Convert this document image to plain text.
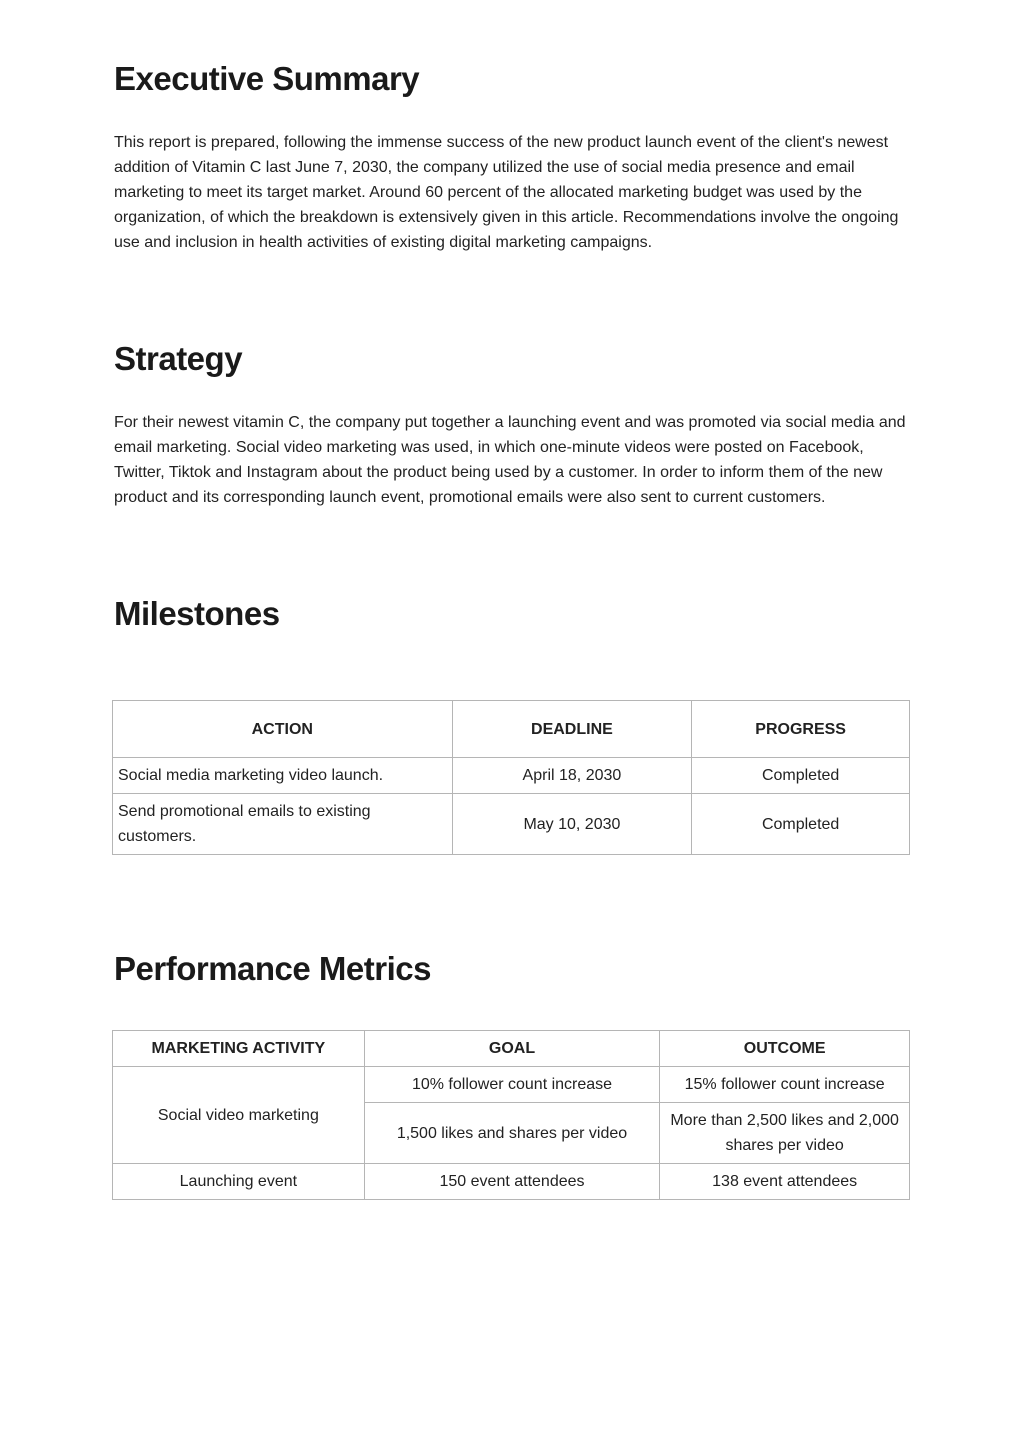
Executive Summary

This report is prepared, following the immense success of the new product launch event of the client's newest addition of Vitamin C last June 7, 2030, the company utilized the use of social media presence and email marketing to meet its target market. Around 60 percent of the allocated marketing budget was used by the organization, of which the breakdown is extensively given in this article. Recommendations involve the ongoing use and inclusion in health activities of existing digital marketing campaigns.

Strategy

For their newest vitamin C, the company put together a launching event and was promoted via social media and email marketing. Social video marketing was used, in which one-minute videos were posted on Facebook, Twitter, Tiktok and Instagram about the product being used by a customer. In order to inform them of the new product and its corresponding launch event, promotional emails were also sent to current customers.

Milestones
ACTION	DEADLINE	PROGRESS
Social media marketing video launch.	April 18, 2030	Completed
Send promotional emails to existing customers.	May 10, 2030	Completed
Performance Metrics
MARKETING ACTIVITY	GOAL	OUTCOME
Social video marketing	10% follower count increase	15% follower count increase
	1,500 likes and shares per video	More than 2,500 likes and 2,000 shares per video
Launching event	150 event attendees	138 event attendees
